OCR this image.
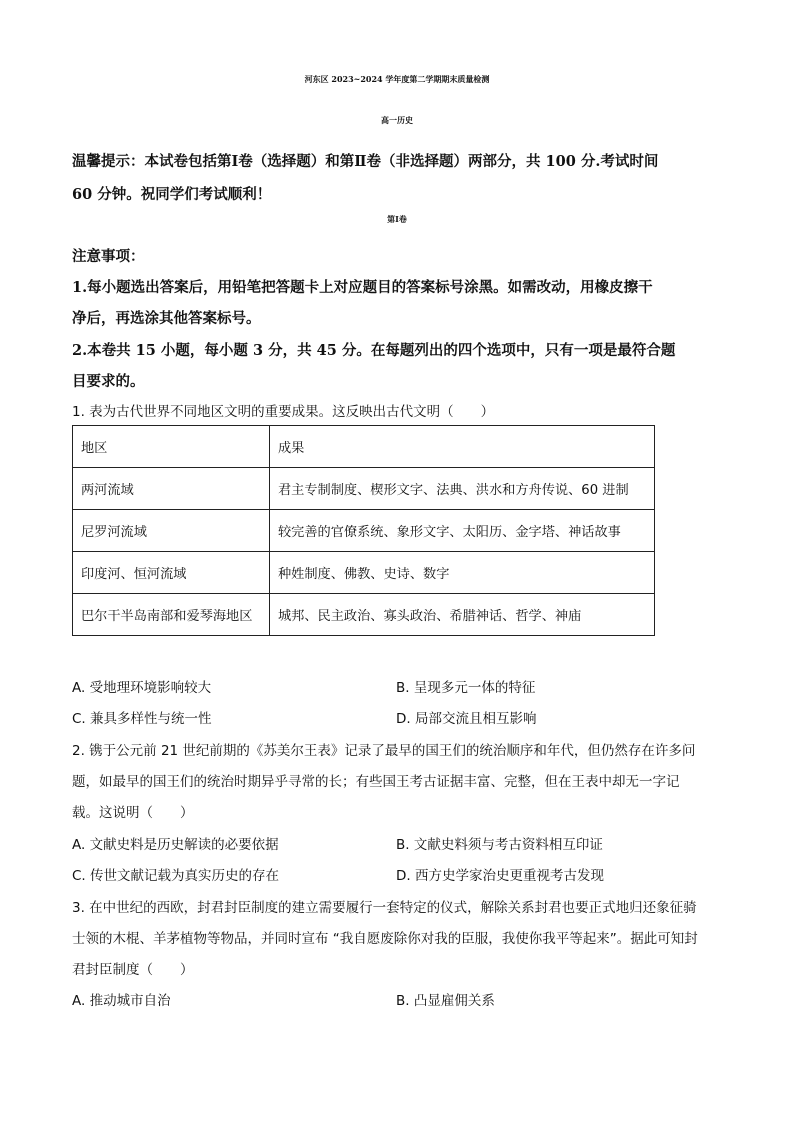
河东区 2023~2024 学年度第二学期期末质量检测
高一历史
温馨提示：本试卷包括第Ⅰ卷（选择题）和第Ⅱ卷（非选择题）两部分，共 100 分.考试时间
60 分钟。祝同学们考试顺利！
第Ⅰ卷
注意事项：
1.每小题选出答案后，用铅笔把答题卡上对应题目的答案标号涂黑。如需改动，用橡皮擦干
净后，再选涂其他答案标号。
2.本卷共 15 小题，每小题 3 分，共 45 分。在每题列出的四个选项中，只有一项是最符合题
目要求的。
1. 表为古代世界不同地区文明的重要成果。这反映出古代文明（　　）
地区	成果
两河流域	君主专制制度、楔形文字、法典、洪水和方舟传说、60 进制
尼罗河流域	较完善的官僚系统、象形文字、太阳历、金字塔、神话故事
印度河、恒河流域	种姓制度、佛教、史诗、数字
巴尔干半岛南部和爱琴海地区	城邦、民主政治、寡头政治、希腊神话、哲学、神庙
A. 受地理环境影响较大	B. 呈现多元一体的特征
C. 兼具多样性与统一性	D. 局部交流且相互影响
2. 镌于公元前 21 世纪前期的《苏美尔王表》记录了最早的国王们的统治顺序和年代，但仍然存在许多问
题，如最早的国王们的统治时期异乎寻常的长；有些国王考古证据丰富、完整，但在王表中却无一字记
载。这说明（　　）
A. 文献史料是历史解读的必要依据	B. 文献史料须与考古资料相互印证
C. 传世文献记载为真实历史的存在	D. 西方史学家治史更重视考古发现
3. 在中世纪的西欧，封君封臣制度的建立需要履行一套特定的仪式，解除关系封君也要正式地归还象征骑
士领的木棍、羊茅植物等物品，并同时宣布 “我自愿废除你对我的臣服，我使你我平等起来”。据此可知封
君封臣制度（　　）
A. 推动城市自治	B. 凸显雇佣关系
